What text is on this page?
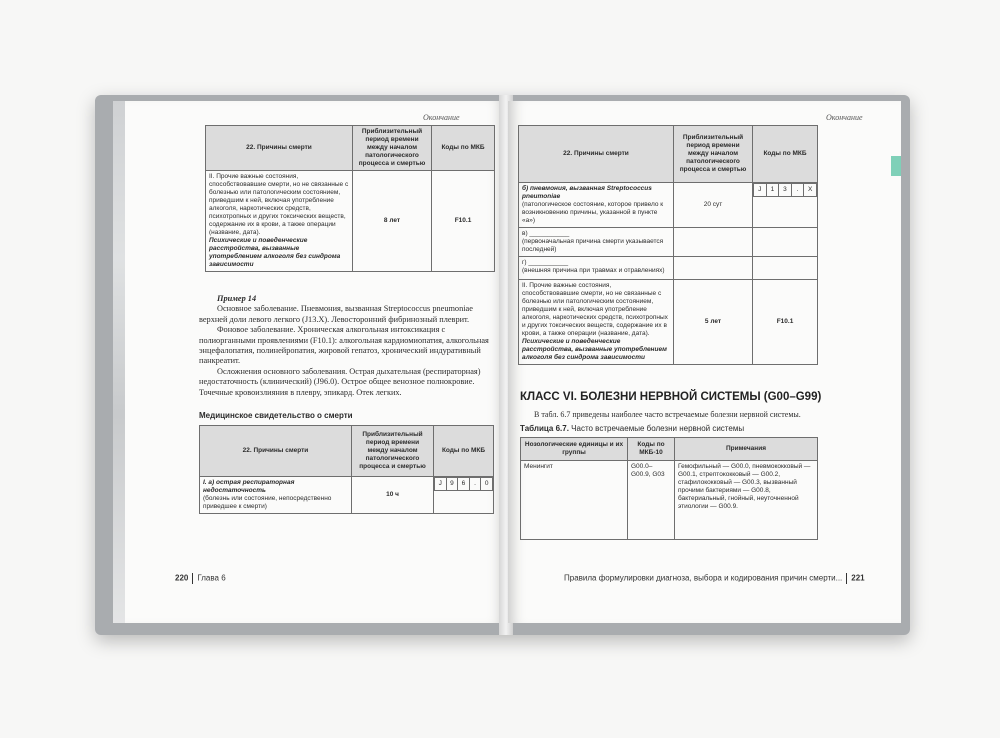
Окончание
22. Причины смерти	Приблизительный период времени между началом патологического процесса и смертью	Коды по МКБ
II. Прочие важные состояния, способствовавшие смерти, но не связанные с болезнью или патологическим состоянием, приведшим к ней, включая употребление алкоголя, наркотических средств, психотропных и других токсических веществ, содержание их в крови, а также операции (название, дата).
Психические и поведенческие расстройства, вызванные употреблением алкоголя без синдрома зависимости	8 лет	F10.1
Пример 14
Основное заболевание. Пневмония, вызванная Streptococcus pneumoniae верхней доли левого легкого (J13.X). Левосторонний фибринозный плеврит.
Фоновое заболевание. Хроническая алкогольная интоксикация с полиорганными проявлениями (F10.1): алкогольная кардиомиопатия, алкогольная энцефалопатия, полинейропатия, жировой гепатоз, хронический индуративный панкреатит.
Осложнения основного заболевания. Острая дыхательная (респираторная) недостаточность (клинический) (J96.0). Острое общее венозное полнокровие. Точечные кровоизлияния в плевру, эпикард. Отек легких.
Медицинское свидетельство о смерти
22. Причины смерти	Приблизительный период времени между началом патологического процесса и смертью	Коды по МКБ
I. а) острая респираторная недостаточность
(болезнь или состояние, непосредственно приведшее к смерти)	10 ч	
J	9	6	.	0
220 Глава 6
Окончание
22. Причины смерти	Приблизительный период времени между началом патологического процесса и смертью	Коды по МКБ
б) пневмония, вызванная Streptococcus pneumoniae
(патологическое состояние, которое привело к возникновению причины, указанной в пункте «а»)	20 сут	
J	1	3	.	X

в) ___________
(первоначальная причина смерти указывается последней)		
г) ___________
(внешняя причина при травмах и отравлениях)		
II. Прочие важные состояния, способствовавшие смерти, но не связанные с болезнью или патологическим состоянием, приведшим к ней, включая употребление алкоголя, наркотических средств, психотропных и других токсических веществ, содержание их в крови, а также операции (название, дата).
Психические и поведенческие расстройства, вызванные употреблением алкоголя без синдрома зависимости	5 лет	F10.1
КЛАСС VI. БОЛЕЗНИ НЕРВНОЙ СИСТЕМЫ (G00–G99)
В табл. 6.7 приведены наиболее часто встречаемые болезни нервной системы.
Таблица 6.7. Часто встречаемые болезни нервной системы
Нозологические единицы и их группы	Коды по МКБ-10	Примечания
Менингит	G00.0–G00.9, G03	Гемофильный — G00.0, пневмококковый — G00.1, стрептококковый — G00.2, стафилококковый — G00.3, вызванный прочими бактериями — G00.8, бактериальный, гнойный, неуточненной этиологии — G00.9.
Правила формулировки диагноза, выбора и кодирования причин смерти... 221
